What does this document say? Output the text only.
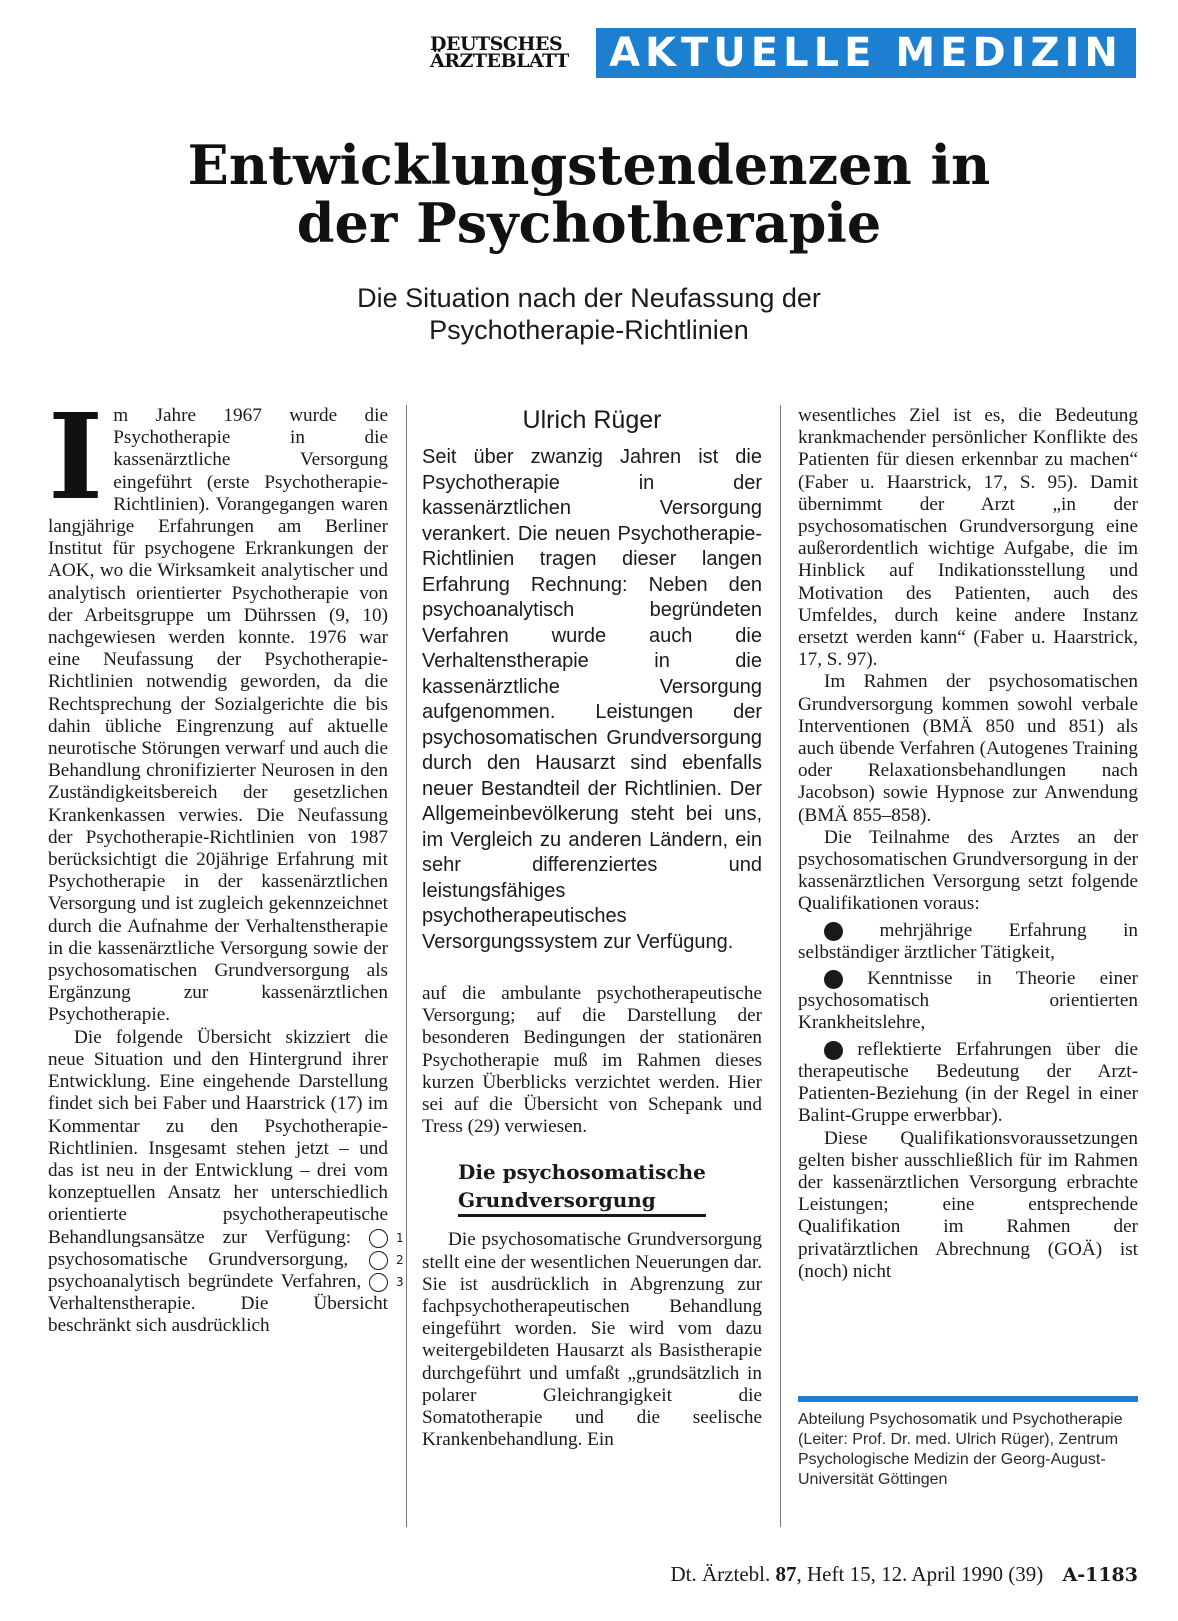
DEUTSCHES
ÄRZTEBLATT	AKTUELLE MEDIZIN
Entwicklungstendenzen in
der Psychotherapie
Die Situation nach der Neufassung der
Psychotherapie-Richtlinien

Im Jahre 1967 wurde die Psychotherapie in die kassenärztliche Versorgung eingeführt (erste Psychotherapie-Richtlinien). Vorangegangen waren langjährige Erfahrungen am Berliner Institut für psychogene Erkrankungen der AOK, wo die Wirksamkeit analytischer und analytisch orientierter Psychotherapie von der Arbeitsgruppe um Dührssen (9, 10) nachgewiesen werden konnte. 1976 war eine Neufassung der Psychotherapie-Richtlinien notwendig geworden, da die Rechtsprechung der Sozialgerichte die bis dahin übliche Eingrenzung auf aktuelle neurotische Störungen verwarf und auch die Behandlung chronifizierter Neurosen in den Zuständigkeitsbereich der gesetzlichen Krankenkassen verwies. Die Neufassung der Psychotherapie-Richtlinien von 1987 berücksichtigt die 20jährige Erfahrung mit Psychotherapie in der kassenärztlichen Versorgung und ist zugleich gekennzeichnet durch die Aufnahme der Verhaltenstherapie in die kassenärztliche Versorgung sowie der psychosomatischen Grundversorgung als Ergänzung zur kassenärztlichen Psychotherapie.

Die folgende Übersicht skizziert die neue Situation und den Hintergrund ihrer Entwicklung. Eine eingehende Darstellung findet sich bei Faber und Haarstrick (17) im Kommentar zu den Psychotherapie-Richtlinien. Insgesamt stehen jetzt – und das ist neu in der Entwicklung – drei vom konzeptuellen Ansatz her unterschiedlich orientierte psychotherapeutische Behandlungsansätze zur Verfügung:	1 psychosomatische Grundversorgung,	2 psychoanalytisch begründete Verfahren,	3 Verhaltenstherapie. Die Übersicht beschränkt sich ausdrücklich

Ulrich Rüger

Seit über zwanzig Jahren ist die Psychotherapie in der kassenärztlichen Versorgung verankert. Die neuen Psychotherapie-Richtlinien tragen dieser langen Erfahrung Rechnung: Neben den psychoanalytisch begründeten Verfahren wurde auch die Verhaltenstherapie in die kassenärztliche Versorgung aufgenommen. Leistungen der psychosomatischen Grundversorgung durch den Hausarzt sind ebenfalls neuer Bestandteil der Richtlinien. Der Allgemeinbevölkerung steht bei uns, im Vergleich zu anderen Ländern, ein sehr differenziertes und leistungsfähiges psychotherapeutisches Versorgungssystem zur Verfügung.

auf die ambulante psychotherapeutische Versorgung; auf die Darstellung der besonderen Bedingungen der stationären Psychotherapie muß im Rahmen dieses kurzen Überblicks verzichtet werden. Hier sei auf die Übersicht von Schepank und Tress (29) verwiesen.

Die psychosomatische
Grundversorgung

Die psychosomatische Grundversorgung stellt eine der wesentlichen Neuerungen dar. Sie ist ausdrücklich in Abgrenzung zur fachpsychotherapeutischen Behandlung eingeführt worden. Sie wird vom dazu weitergebildeten Hausarzt als Basistherapie durchgeführt und umfaßt „grundsätzlich in polarer Gleichrangigkeit die Somatotherapie und die seelische Krankenbehandlung. Ein

wesentliches Ziel ist es, die Bedeutung krankmachender persönlicher Konflikte des Patienten für diesen erkennbar zu machen“ (Faber u. Haarstrick, 17, S. 95). Damit übernimmt der Arzt „in der psychosomatischen Grundversorgung eine außerordentlich wichtige Aufgabe, die im Hinblick auf Indikationsstellung und Motivation des Patienten, auch des Umfeldes, durch keine andere Instanz ersetzt werden kann“ (Faber u. Haarstrick, 17, S. 97).

Im Rahmen der psychosomatischen Grundversorgung kommen sowohl verbale Interventionen (BMÄ 850 und 851) als auch übende Verfahren (Autogenes Training oder Relaxationsbehandlungen nach Jacobson) sowie Hypnose zur Anwendung (BMÄ 855–858).

Die Teilnahme des Arztes an der psychosomatischen Grundversorgung in der kassenärztlichen Versorgung setzt folgende Qualifikationen voraus:

1 mehrjährige Erfahrung in selbständiger ärztlicher Tätigkeit,

2 Kenntnisse in Theorie einer psychosomatisch orientierten Krankheitslehre,

3 reflektierte Erfahrungen über die therapeutische Bedeutung der Arzt-Patienten-Beziehung (in der Regel in einer Balint-Gruppe erwerbbar).

Diese Qualifikationsvoraussetzungen gelten bisher ausschließlich für im Rahmen der kassenärztlichen Versorgung erbrachte Leistungen; eine entsprechende Qualifikation im Rahmen der privatärztlichen Abrechnung (GOÄ) ist (noch) nicht

Abteilung Psychosomatik und Psychotherapie (Leiter: Prof. Dr. med. Ulrich Rüger), Zentrum Psychologische Medizin der Georg-August-Universität Göttingen
Dt. Ärztebl. 87, Heft 15, 12. April 1990 (39) A-1183
